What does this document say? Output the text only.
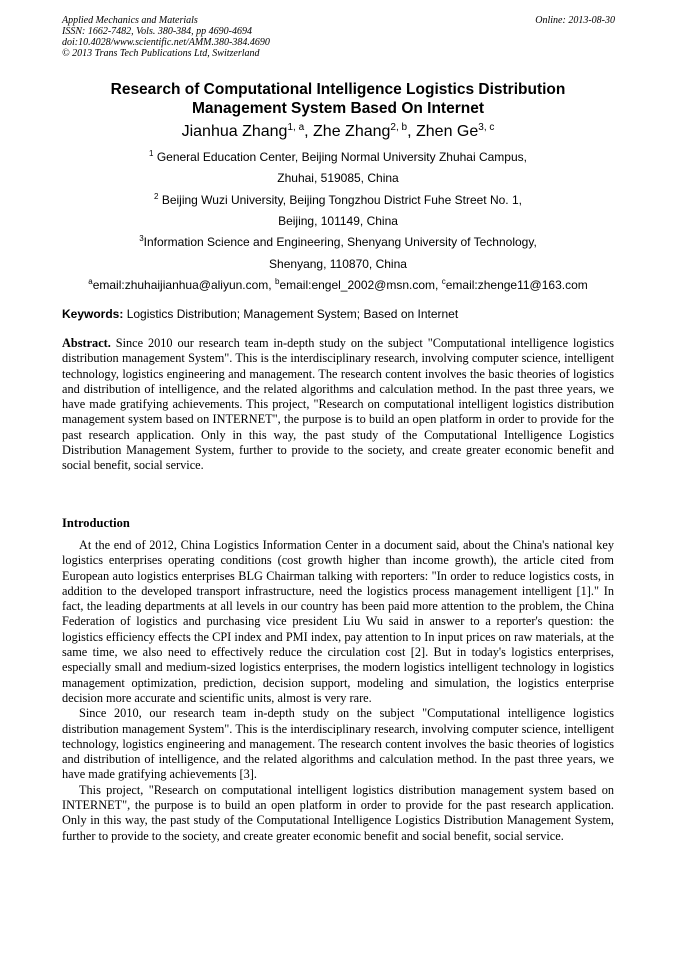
Applied Mechanics and Materials
ISSN: 1662-7482, Vols. 380-384, pp 4690-4694
doi:10.4028/www.scientific.net/AMM.380-384.4690
© 2013 Trans Tech Publications Ltd, Switzerland
Online: 2013-08-30
Research of Computational Intelligence Logistics Distribution
Management System Based On Internet
Jianhua Zhang$^{1, a}$, Zhe Zhang$^{2, b}$, Zhen Ge$^{3, c}$
$^1$ General Education Center, Beijing Normal University Zhuhai Campus,
Zhuhai, 519085, China
$^2$ Beijing Wuzi University, Beijing Tongzhou District Fuhe Street No. 1,
Beijing, 101149, China
$^3$Information Science and Engineering, Shenyang University of Technology,
Shenyang, 110870, China
$^a$email:zhuhaijianhua@aliyun.com, $^b$email:engel_2002@msn.com, $^c$email:zhenge11@163.com
Keywords: Logistics Distribution; Management System; Based on Internet

Abstract. Since 2010 our research team in-depth study on the subject "Computational intelligence logistics distribution management System". This is the interdisciplinary research, involving computer science, intelligent technology, logistics engineering and management. The research content involves the basic theories of logistics and distribution of intelligence, and the related algorithms and calculation method. In the past three years, we have made gratifying achievements. This project, "Research on computational intelligent logistics distribution management system based on INTERNET", the purpose is to build an open platform in order to provide for the past research application. Only in this way, the past study of the Computational Intelligence Logistics Distribution Management System, further to provide to the society, and create greater economic benefit and social benefit, social service.

Introduction

At the end of 2012, China Logistics Information Center in a document said, about the China's national key logistics enterprises operating conditions (cost growth higher than income growth), the article cited from European auto logistics enterprises BLG Chairman talking with reporters: "In order to reduce logistics costs, in addition to the developed transport infrastructure, need the logistics process management intelligent [1]." In fact, the leading departments at all levels in our country has been paid more attention to the problem, the China Federation of logistics and purchasing vice president Liu Wu said in answer to a reporter's question: the logistics efficiency effects the CPI index and PMI index, pay attention to In input prices on raw materials, at the same time, we also need to effectively reduce the circulation cost [2]. But in today's logistics enterprises, especially small and medium-sized logistics enterprises, the modern logistics intelligent technology in logistics management optimization, prediction, decision support, modeling and simulation, the logistics enterprise decision more accurate and scientific units, almost is very rare.

Since 2010, our research team in-depth study on the subject "Computational intelligence logistics distribution management System". This is the interdisciplinary research, involving computer science, intelligent technology, logistics engineering and management. The research content involves the basic theories of logistics and distribution of intelligence, and the related algorithms and calculation method. In the past three years, we have made gratifying achievements [3].

This project, "Research on computational intelligent logistics distribution management system based on INTERNET", the purpose is to build an open platform in order to provide for the past research application. Only in this way, the past study of the Computational Intelligence Logistics Distribution Management System, further to provide to the society, and create greater economic benefit and social benefit, social service.
